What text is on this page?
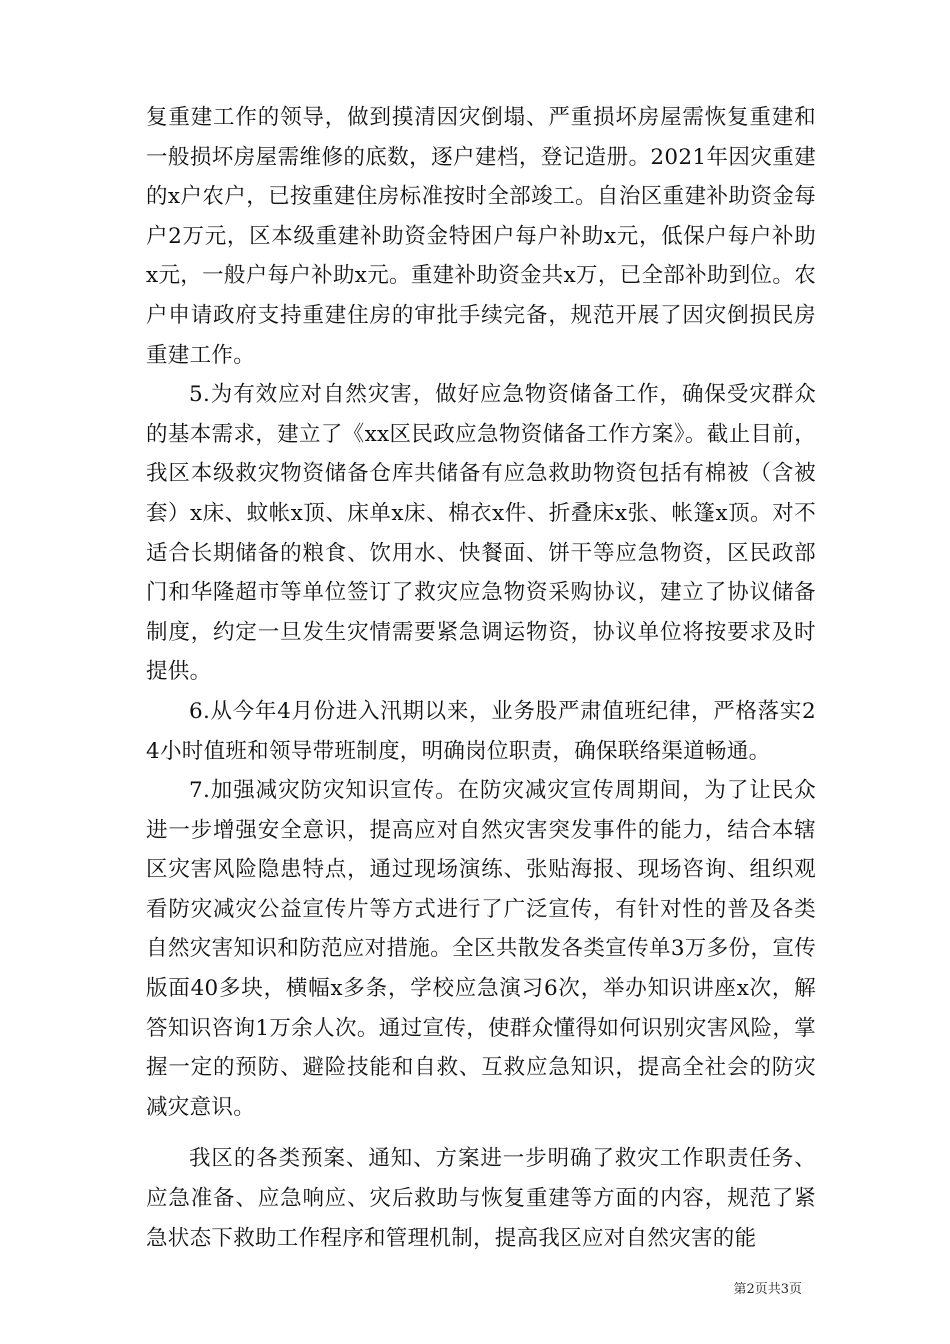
复重建工作的领导，做到摸清因灾倒塌、严重损坏房屋需恢复重建和一般损坏房屋需维修的底数，逐户建档，登记造册。2021年因灾重建的x户农户，已按重建住房标准按时全部竣工。自治区重建补助资金每户2万元，区本级重建补助资金特困户每户补助x元，低保户每户补助x元，一般户每户补助x元。重建补助资金共x万，已全部补助到位。农户申请政府支持重建住房的审批手续完备，规范开展了因灾倒损民房重建工作。

5.为有效应对自然灾害，做好应急物资储备工作，确保受灾群众的基本需求，建立了《xx区民政应急物资储备工作方案》。截止目前，我区本级救灾物资储备仓库共储备有应急救助物资包括有棉被（含被套）x床、蚊帐x顶、床单x床、棉衣x件、折叠床x张、帐篷x顶。对不适合长期储备的粮食、饮用水、快餐面、饼干等应急物资，区民政部门和华隆超市等单位签订了救灾应急物资采购协议，建立了协议储备制度，约定一旦发生灾情需要紧急调运物资，协议单位将按要求及时提供。

6.从今年4月份进入汛期以来，业务股严肃值班纪律，严格落实24小时值班和领导带班制度，明确岗位职责，确保联络渠道畅通。

7.加强减灾防灾知识宣传。在防灾减灾宣传周期间，为了让民众进一步增强安全意识，提高应对自然灾害突发事件的能力，结合本辖区灾害风险隐患特点，通过现场演练、张贴海报、现场咨询、组织观看防灾减灾公益宣传片等方式进行了广泛宣传，有针对性的普及各类自然灾害知识和防范应对措施。全区共散发各类宣传单3万多份，宣传版面40多块，横幅x多条，学校应急演习6次，举办知识讲座x次，解答知识咨询1万余人次。通过宣传，使群众懂得如何识别灾害风险，掌握一定的预防、避险技能和自救、互救应急知识，提高全社会的防灾减灾意识。

我区的各类预案、通知、方案进一步明确了救灾工作职责任务、应急准备、应急响应、灾后救助与恢复重建等方面的内容，规范了紧急状态下救助工作程序和管理机制，提高我区应对自然灾害的能

第2页共3页
